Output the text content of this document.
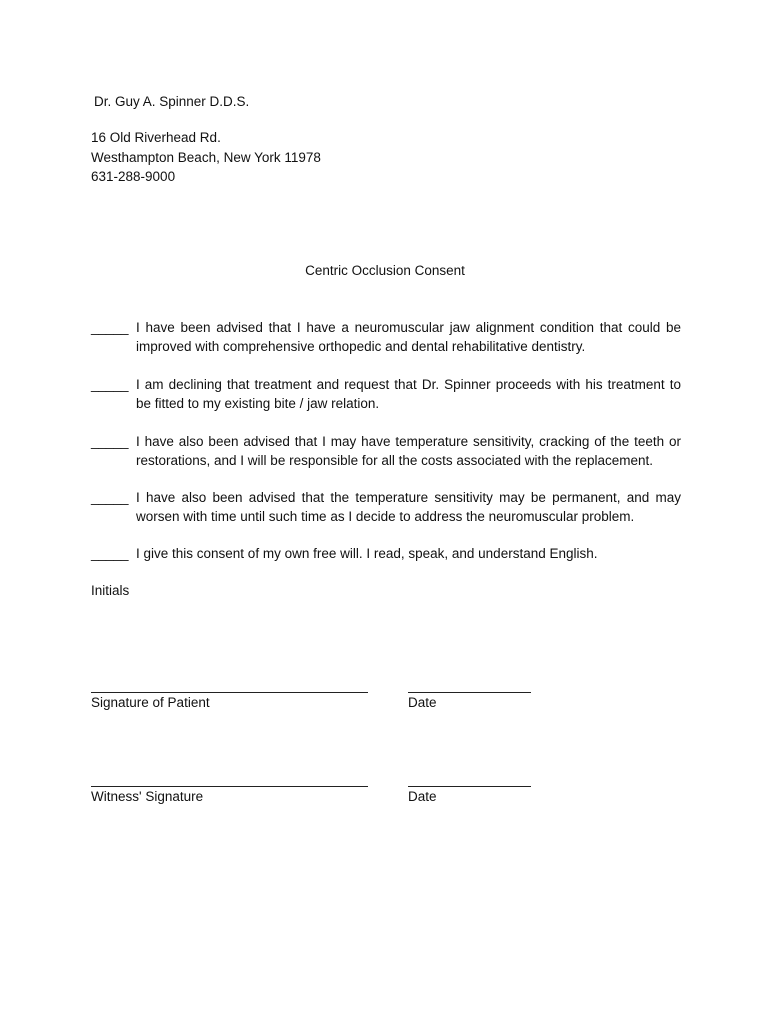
Dr. Guy A. Spinner D.D.S.
16 Old Riverhead Rd.
Westhampton Beach, New York 11978
631-288-9000
Centric Occlusion Consent
_____ I have been advised that I have a neuromuscular jaw alignment condition that could be improved with comprehensive orthopedic and dental rehabilitative dentistry.
_____ I am declining that treatment and request that Dr. Spinner proceeds with his treatment to be fitted to my existing bite / jaw relation.
_____ I have also been advised that I may have temperature sensitivity, cracking of the teeth or restorations, and I will be responsible for all the costs associated with the replacement.
_____ I have also been advised that the temperature sensitivity may be permanent, and may worsen with time until such time as I decide to address the neuromuscular problem.
_____ I give this consent of my own free will. I read, speak, and understand English.
Initials
Signature of Patient	Date
Witness' Signature	Date
